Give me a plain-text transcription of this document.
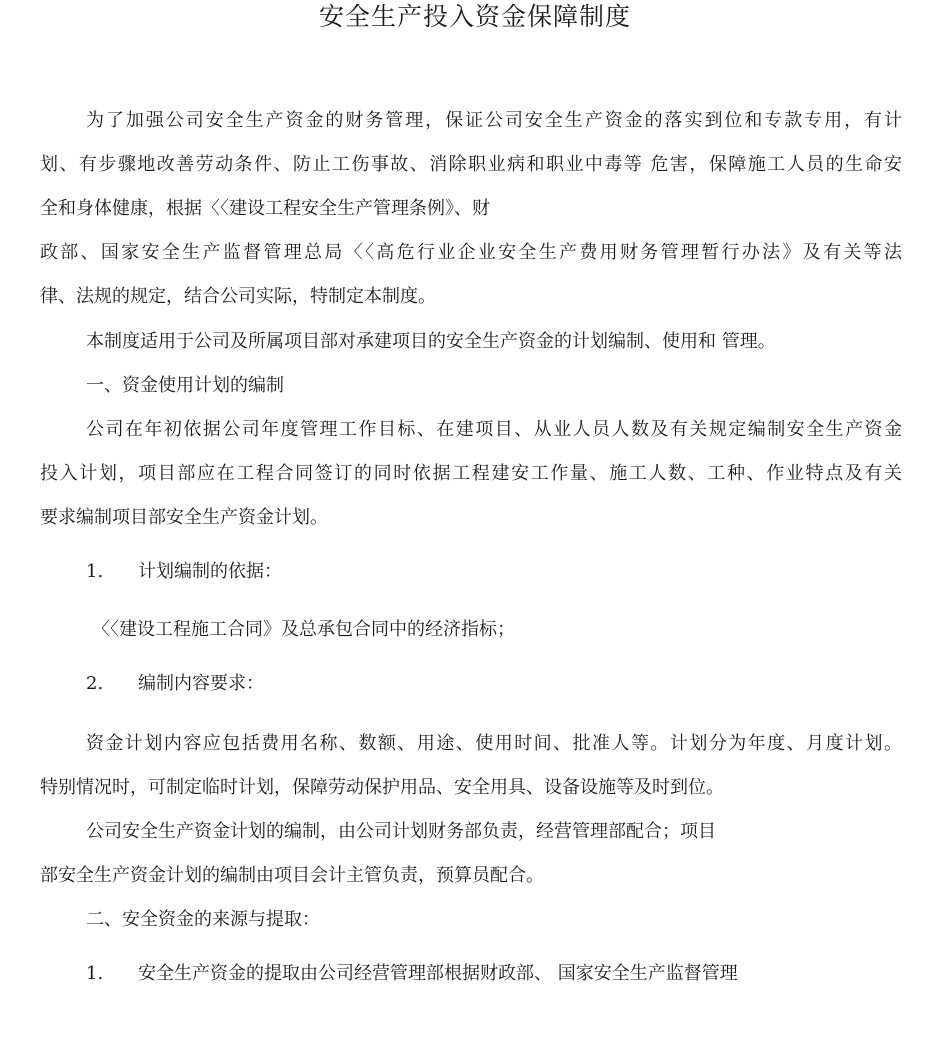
安全生产投入资金保障制度
为了加强公司安全生产资金的财务管理，保证公司安全生产资金的落实到位和专款专用，有计
划、有步骤地改善劳动条件、防止工伤事故、消除职业病和职业中毒等 危害，保障施工人员的生命安
全和身体健康，根据〈〈建设工程安全生产管理条例》、财
政部、国家安全生产监督管理总局〈〈高危行业企业安全生产费用财务管理暂行办法》及有关等法
律、法规的规定，结合公司实际，特制定本制度。
本制度适用于公司及所属项目部对承建项目的安全生产资金的计划编制、使用和 管理。
一、资金使用计划的编制
公司在年初依据公司年度管理工作目标、在建项目、从业人员人数及有关规定编制安全生产资金
投入计划，项目部应在工程合同签订的同时依据工程建安工作量、施工人数、工种、作业特点及有关
要求编制项目部安全生产资金计划。
1. 计划编制的依据：
〈〈建设工程施工合同》及总承包合同中的经济指标；
2. 编制内容要求：
资金计划内容应包括费用名称、数额、用途、使用时间、批准人等。计划分为年度、月度计划。
特别情况时，可制定临时计划，保障劳动保护用品、安全用具、设备设施等及时到位。
公司安全生产资金计划的编制，由公司计划财务部负责，经营管理部配合；项目
部安全生产资金计划的编制由项目会计主管负责，预算员配合。
二、安全资金的来源与提取：
1. 安全生产资金的提取由公司经营管理部根据财政部、 国家安全生产监督管理
